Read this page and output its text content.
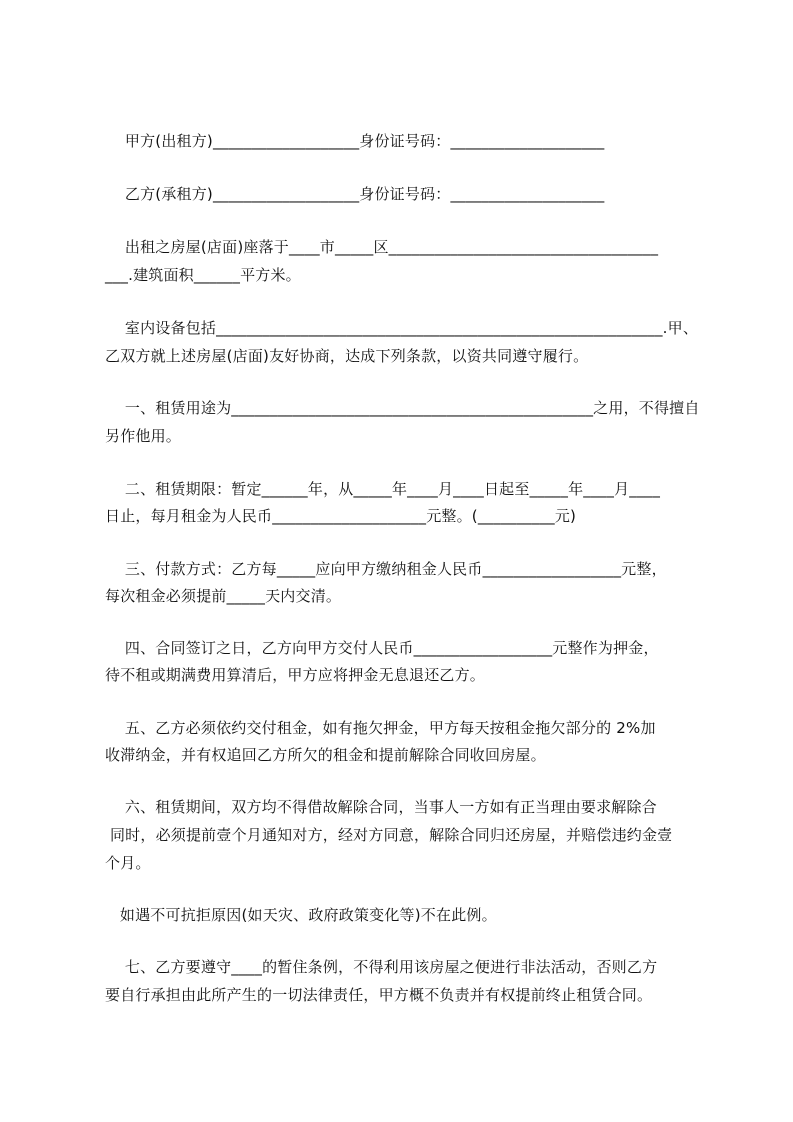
甲方(出租方)___________________身份证号码：____________________
乙方(承租方)___________________身份证号码：____________________
出租之房屋(店面)座落于____市_____区___________________________________
___.建筑面积______平方米。
室内设备包括__________________________________________________________.甲、
乙双方就上述房屋(店面)友好协商，达成下列条款，以资共同遵守履行。
一、租赁用途为_______________________________________________之用，不得擅自
另作他用。
二、租赁期限：暂定______年，从_____年____月____日起至_____年____月____
日止，每月租金为人民币____________________元整。(__________元)
三、付款方式：乙方每_____应向甲方缴纳租金人民币__________________元整，
每次租金必须提前_____天内交清。
四、合同签订之日，乙方向甲方交付人民币__________________元整作为押金，
待不租或期满费用算清后，甲方应将押金无息退还乙方。
五、乙方必须依约交付租金，如有拖欠押金，甲方每天按租金拖欠部分的 2%加
收滞纳金，并有权追回乙方所欠的租金和提前解除合同收回房屋。
六、租赁期间，双方均不得借故解除合同，当事人一方如有正当理由要求解除合
同时，必须提前壹个月通知对方，经对方同意，解除合同归还房屋，并赔偿违约金壹
个月。
如遇不可抗拒原因(如天灾、政府政策变化等)不在此例。
七、乙方要遵守____的暂住条例，不得利用该房屋之便进行非法活动，否则乙方
要自行承担由此所产生的一切法律责任，甲方概不负责并有权提前终止租赁合同。
